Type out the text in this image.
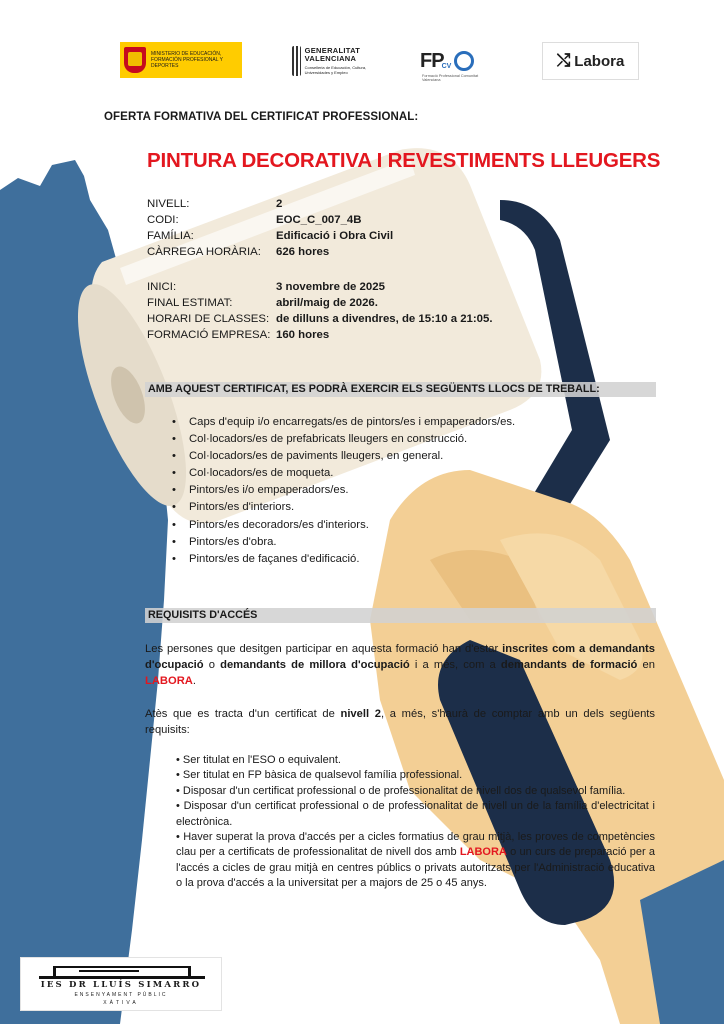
MINISTERIO DE EDUCACIÓN, FORMACIÓN PROFESIONAL Y DEPORTES
GENERALITAT VALENCIANA
Conselleria de Educación, Cultura, Universidades y Empleo
FP
CV
Formació Professional Comunitat Valenciana
⤭ Labora
OFERTA FORMATIVA DEL CERTIFICAT PROFESSIONAL:
PINTURA DECORATIVA I REVESTIMENTS LLEUGERS
NIVELL:	2
CODI:	EOC_C_007_4B
FAMÍLIA:	Edificació i Obra Civil
CÀRREGA HORÀRIA:	626 hores
INICI:	3 novembre de 2025
FINAL ESTIMAT:	abril/maig de 2026.
HORARI DE CLASSES: de dilluns a divendres, de 15:10 a 21:05.
FORMACIÓ EMPRESA: 160 hores
AMB AQUEST CERTIFICAT, ES PODRÀ EXERCIR ELS SEGÜENTS LLOCS DE TREBALL:
• Caps d'equip i/o encarregats/es de pintors/es i empaperadors/es.
• Col·locadors/es de prefabricats lleugers en construcció.
• Col·locadors/es de paviments lleugers, en general.
• Col·locadors/es de moqueta.
• Pintors/es i/o empaperadors/es.
• Pintors/es d'interiors.
• Pintors/es decoradors/es d'interiors.
• Pintors/es d'obra.
• Pintors/es de façanes d'edificació.
REQUISITS D'ACCÉS
Les persones que desitgen participar en aquesta formació han d'estar inscrites com a demandants d'ocupació o demandants de millora d'ocupació i a més, com a demandants de formació en LABORA.
Atès que es tracta d'un certificat de nivell 2, a més, s'haurà de comptar amb un dels següents requisits:
• Ser titulat en l'ESO o equivalent.
• Ser titulat en FP bàsica de qualsevol família professional.
• Disposar d'un certificat professional o de professionalitat de nivell dos de qualsevol família.
• Disposar d'un certificat professional o de professionalitat de nivell un de la família d'electricitat i electrònica.
• Haver superat la prova d'accés per a cicles formatius de grau mitjà, les proves de competències clau per a certificats de professionalitat de nivell dos amb LABORA o un curs de preparació per a l'accés a cicles de grau mitjà en centres públics o privats autoritzats per l'Administració educativa o la prova d'accés a la universitat per a majors de 25 o 45 anys.
IES DR LLUÍS SIMARRO
ENSENYAMENT PÚBLIC
XÀTIVA
